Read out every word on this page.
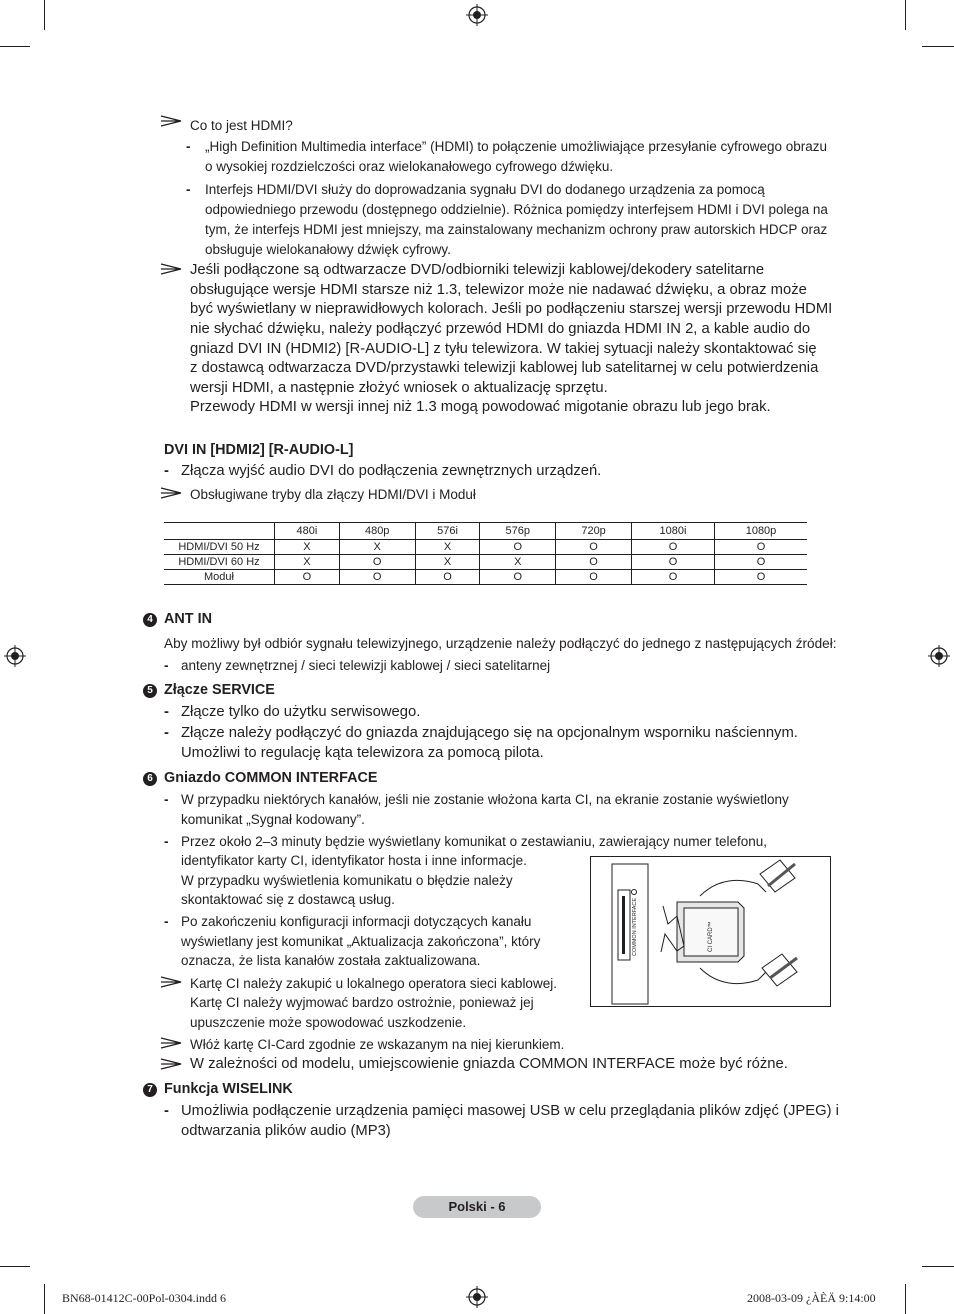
Co to jest HDMI?
- „High Definition Multimedia interface” (HDMI) to połączenie umożliwiające przesyłanie cyfrowego obrazu
o wysokiej rozdzielczości oraz wielokanałowego cyfrowego dźwięku.
- Interfejs HDMI/DVI służy do doprowadzania sygnału DVI do dodanego urządzenia za pomocą
odpowiedniego przewodu (dostępnego oddzielnie). Różnica pomiędzy interfejsem HDMI i DVI polega na
tym, że interfejs HDMI jest mniejszy, ma zainstalowany mechanizm ochrony praw autorskich HDCP oraz
obsługuje wielokanałowy dźwięk cyfrowy.
Jeśli podłączone są odtwarzacze DVD/odbiorniki telewizji kablowej/dekodery satelitarne
obsługujące wersje HDMI starsze niż 1.3, telewizor może nie nadawać dźwięku, a obraz może
być wyświetlany w nieprawidłowych kolorach. Jeśli po podłączeniu starszej wersji przewodu HDMI
nie słychać dźwięku, należy podłączyć przewód HDMI do gniazda HDMI IN 2, a kable audio do
gniazd DVI IN (HDMI2) [R-AUDIO-L] z tyłu telewizora. W takiej sytuacji należy skontaktować się
z dostawcą odtwarzacza DVD/przystawki telewizji kablowej lub satelitarnej w celu potwierdzenia
wersji HDMI, a następnie złożyć wniosek o aktualizację sprzętu.
Przewody HDMI w wersji innej niż 1.3 mogą powodować migotanie obrazu lub jego brak.
DVI IN [HDMI2] [R-AUDIO-L]
- Złącza wyjść audio DVI do podłączenia zewnętrznych urządzeń.
Obsługiwane tryby dla złączy HDMI/DVI i Moduł
	480i	480p	576i	576p	720p	1080i	1080p
HDMI/DVI 50 Hz	X	X	X	O	O	O	O
HDMI/DVI 60 Hz	X	O	X	X	O	O	O
Moduł	O	O	O	O	O	O	O
4 ANT IN
Aby możliwy był odbiór sygnału telewizyjnego, urządzenie należy podłączyć do jednego z następujących źródeł:
- anteny zewnętrznej / sieci telewizji kablowej / sieci satelitarnej
5 Złącze SERVICE
- Złącze tylko do użytku serwisowego.
- Złącze należy podłączyć do gniazda znajdującego się na opcjonalnym wsporniku naściennym.
Umożliwi to regulację kąta telewizora za pomocą pilota.
6 Gniazdo COMMON INTERFACE
- W przypadku niektórych kanałów, jeśli nie zostanie włożona karta CI, na ekranie zostanie wyświetlony
komunikat „Sygnał kodowany”.
- Przez około 2–3 minuty będzie wyświetlany komunikat o zestawianiu, zawierający numer telefonu,
identyfikator karty CI, identyfikator hosta i inne informacje.
W przypadku wyświetlenia komunikatu o błędzie należy
skontaktować się z dostawcą usług.
- Po zakończeniu konfiguracji informacji dotyczących kanału
wyświetlany jest komunikat „Aktualizacja zakończona”, który
oznacza, że lista kanałów została zaktualizowana.
Kartę CI należy zakupić u lokalnego operatora sieci kablowej.
Kartę CI należy wyjmować bardzo ostrożnie, ponieważ jej
upuszczenie może spowodować uszkodzenie.
Włóż kartę CI-Card zgodnie ze wskazanym na niej kierunkiem.
W zależności od modelu, umiejscowienie gniazda COMMON INTERFACE może być różne.
COMMON INTERFACE	CI CARD™
7 Funkcja WISELINK
- Umożliwia podłączenie urządzenia pamięci masowej USB w celu przeglądania plików zdjęć (JPEG) i
odtwarzania plików audio (MP3)
Polski - 6
BN68-01412C-00Pol-0304.indd 6	2008-03-09 ¿ÀÈÄ 9:14:00
